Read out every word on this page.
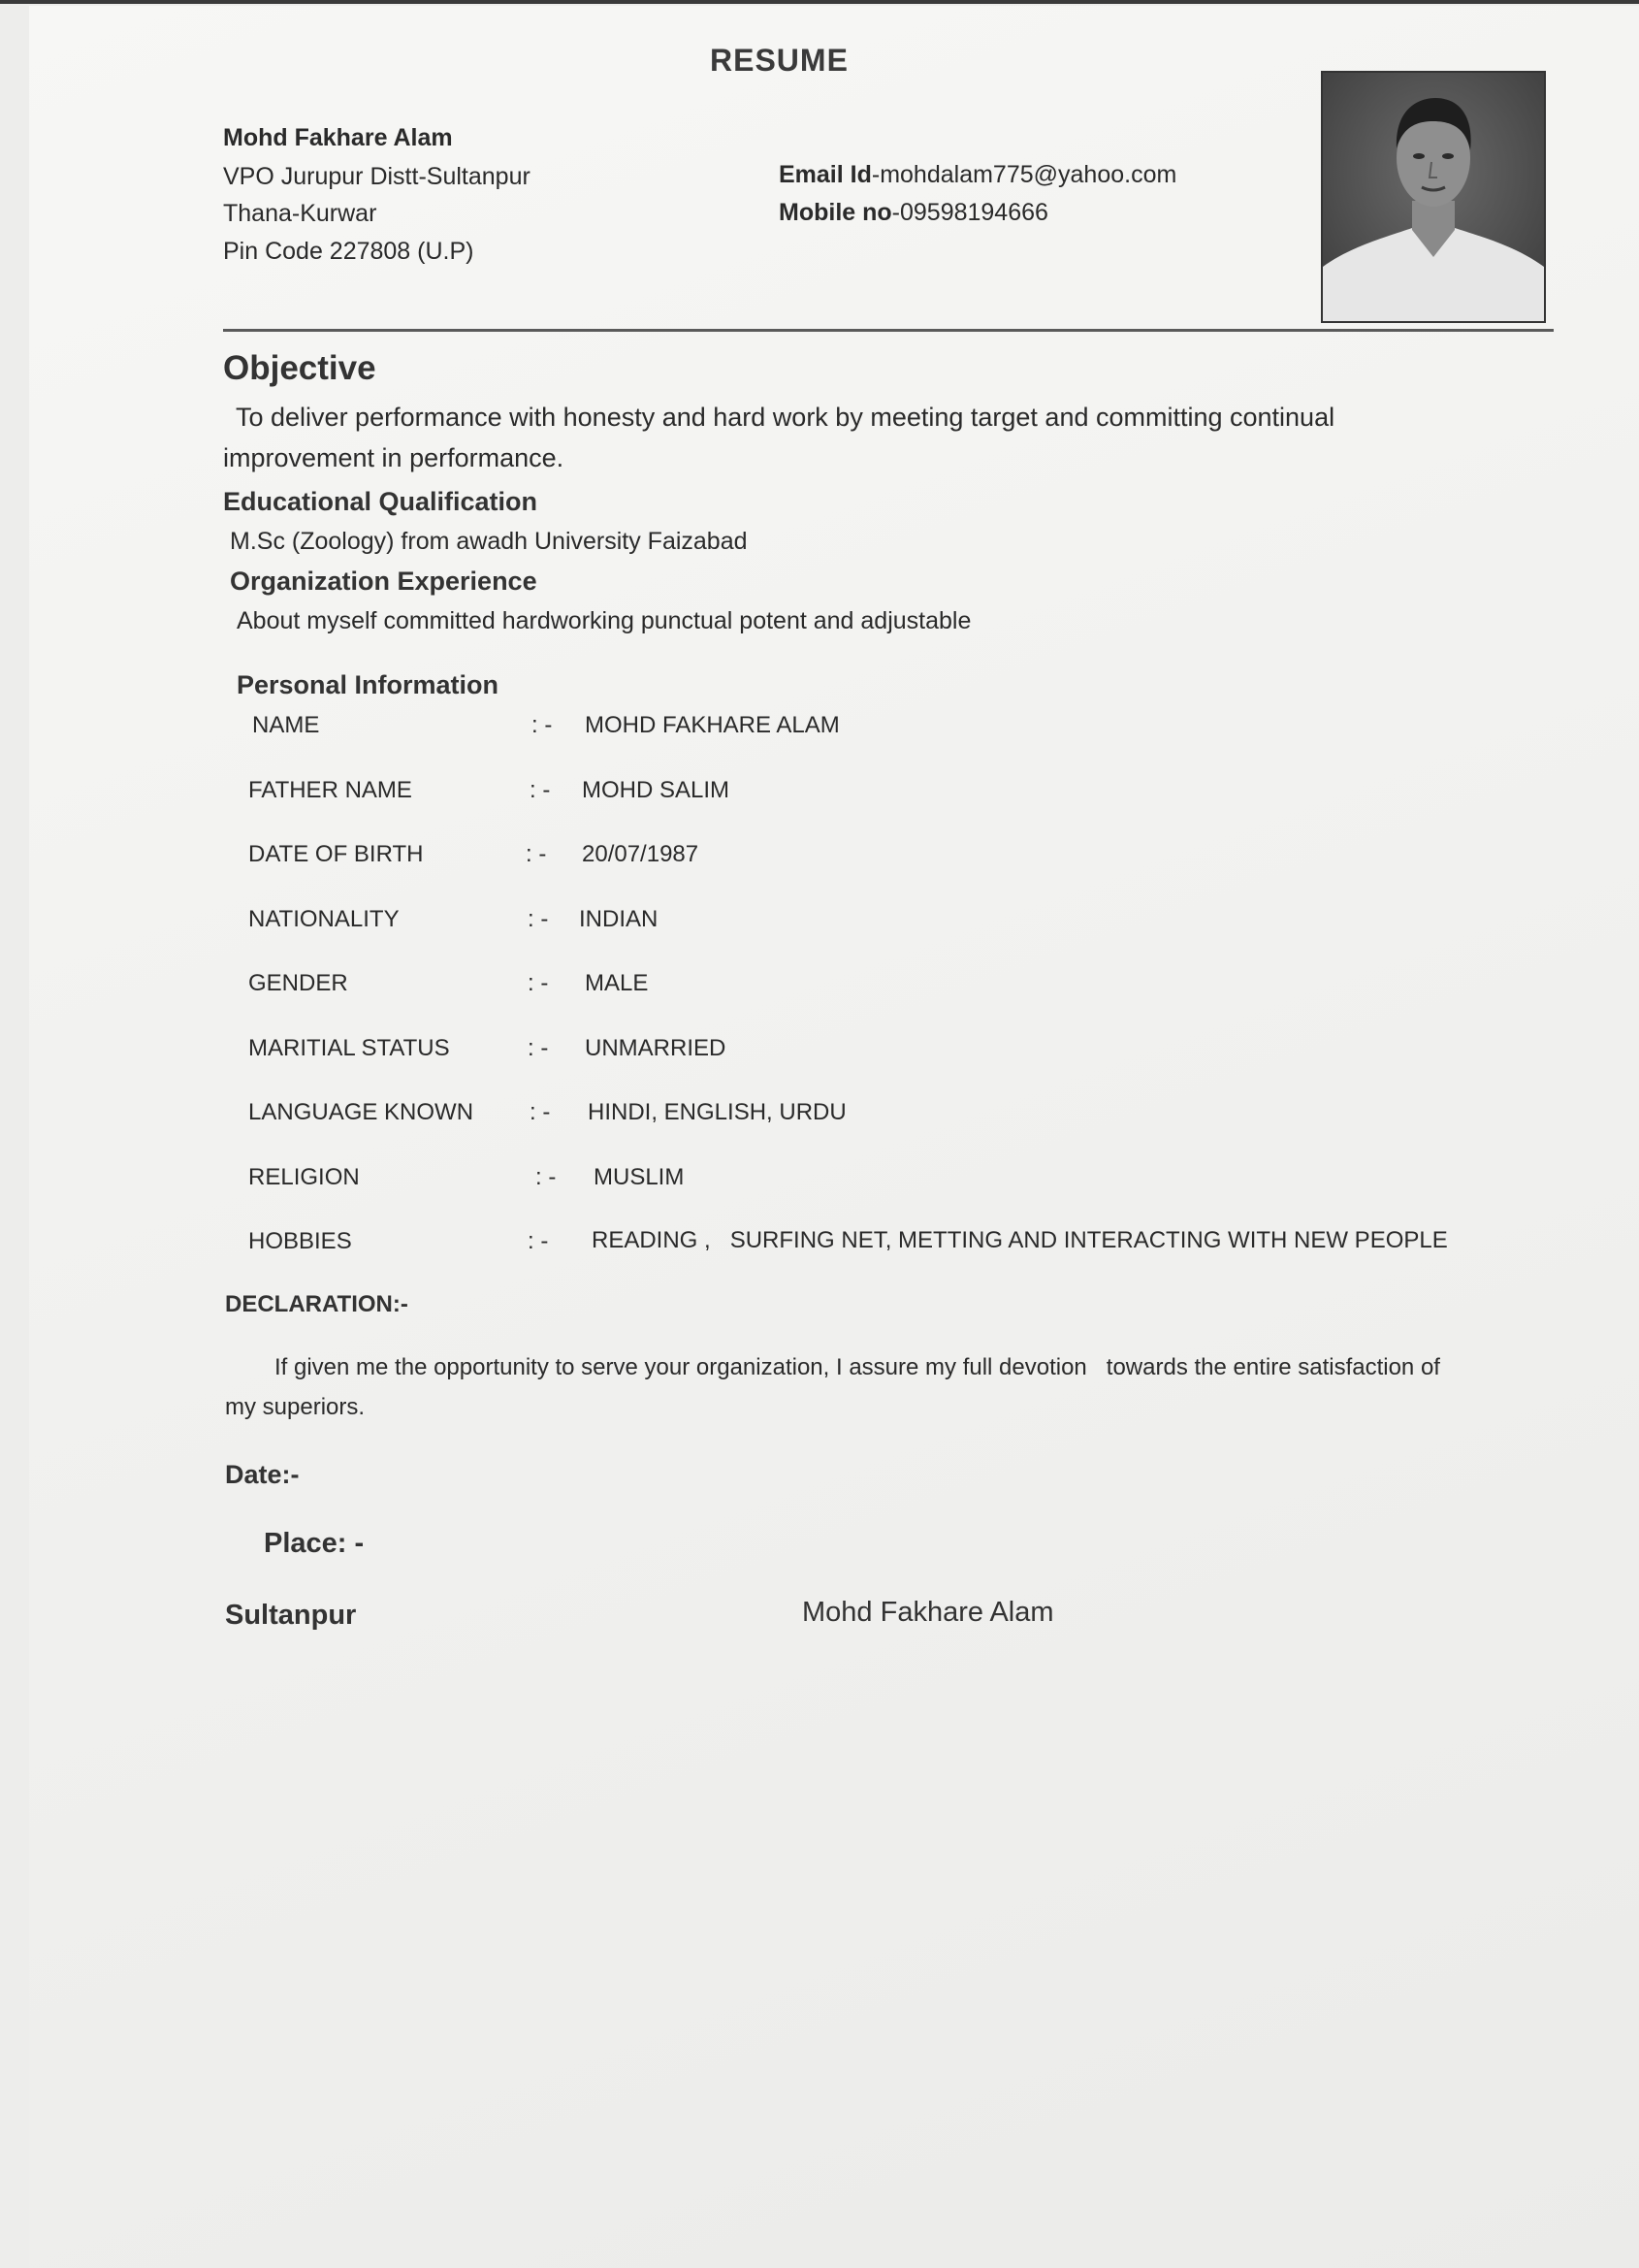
RESUME
Mohd Fakhare Alam
VPO Jurupur Distt-Sultanpur
Thana-Kurwar
Pin Code 227808 (U.P)
Email Id-mohdalam775@yahoo.com
Mobile no-09598194666
Objective
To deliver performance with honesty and hard work by meeting target and committing continual
improvement in performance.
Educational Qualification
M.Sc (Zoology) from awadh University Faizabad
Organization Experience
About myself committed hardworking punctual potent and adjustable
Personal Information
NAME	: - MOHD FAKHARE ALAM
FATHER NAME	: - MOHD SALIM
DATE OF BIRTH	: - 20/07/1987
NATIONALITY	: - INDIAN
GENDER	: - MALE
MARITIAL STATUS	: - UNMARRIED
LANGUAGE KNOWN : - HINDI, ENGLISH, URDU
RELIGION	: - MUSLIM
HOBBIES	: - READING ,   SURFING NET, METTING AND INTERACTING WITH NEW PEOPLE
DECLARATION:-
If given me the opportunity to serve your organization, I assure my full devotion   towards the entire satisfaction of
my superiors.
Date:-
Place: -
Sultanpur	Mohd Fakhare Alam
